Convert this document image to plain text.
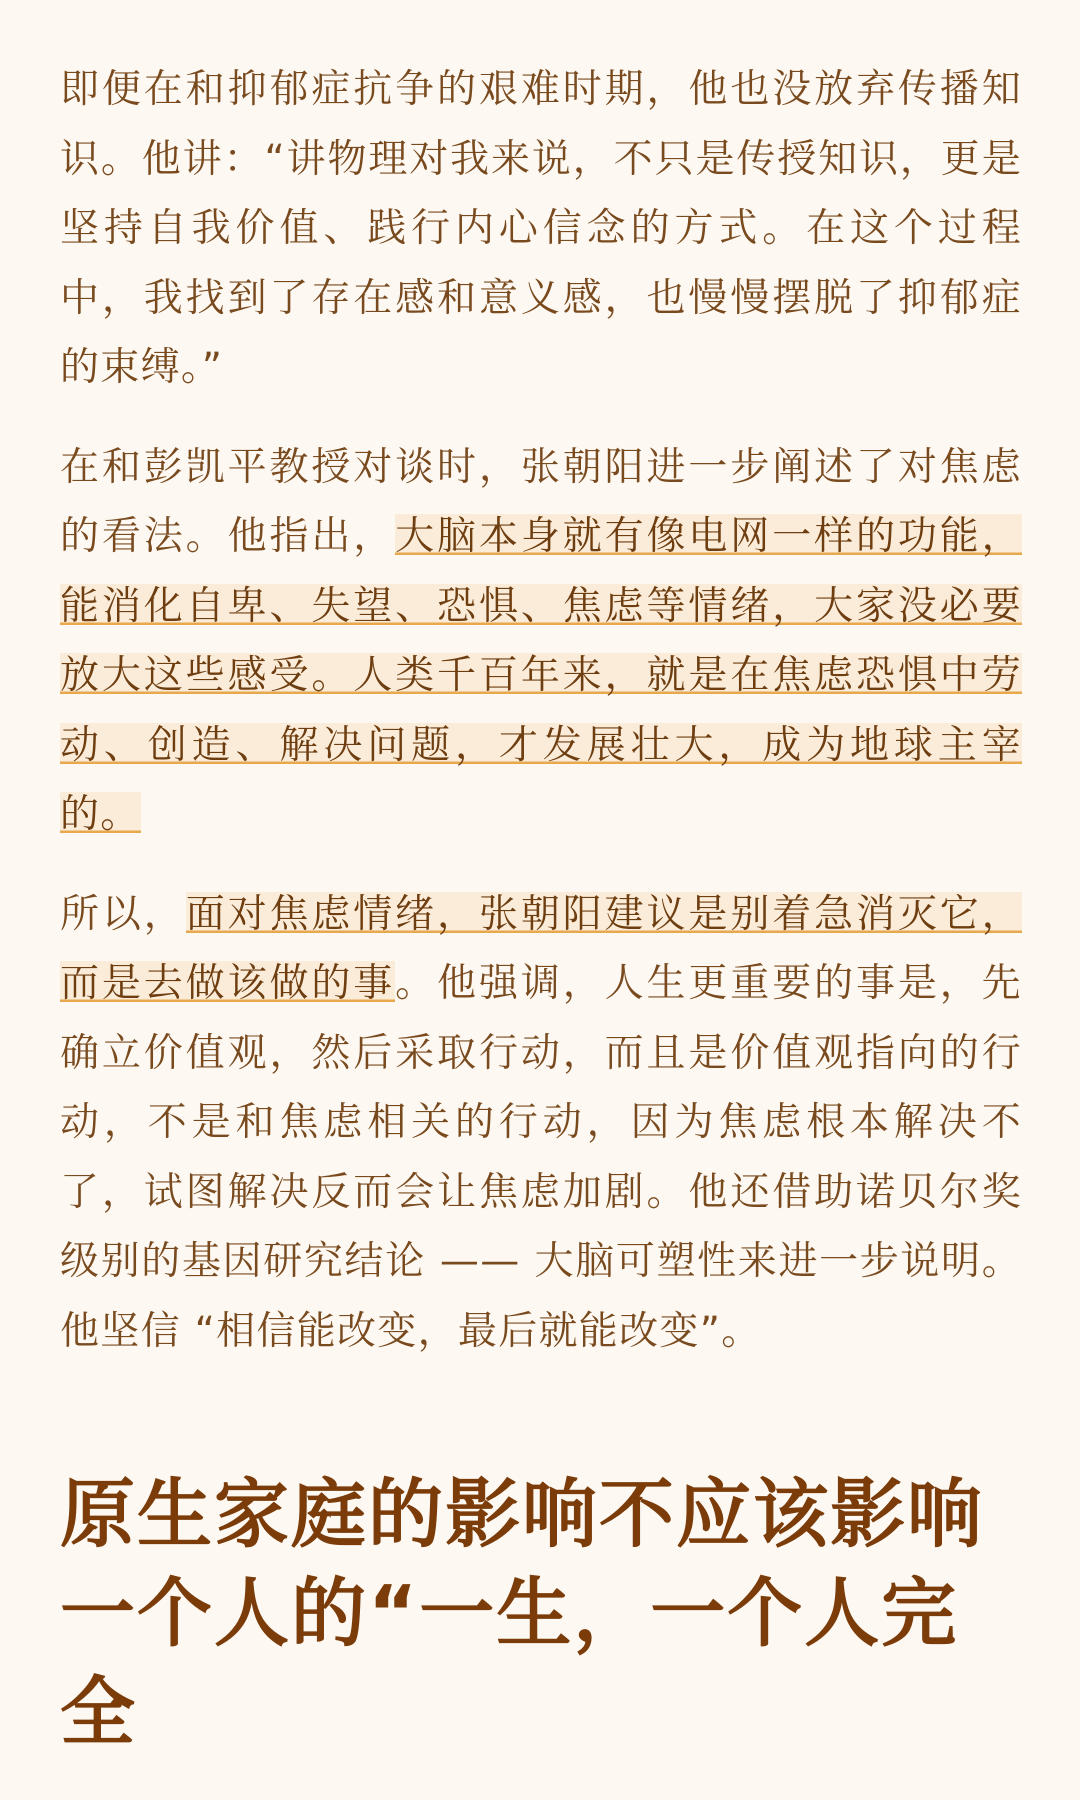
即便在和抑郁症抗争的艰难时期，他也没放弃传播知识。他讲：“讲物理对我来说，不只是传授知识，更是坚持自我价值、践行内心信念的方式。在这个过程中，我找到了存在感和意义感，也慢慢摆脱了抑郁症的束缚。”

在和彭凯平教授对谈时，张朝阳进一步阐述了对焦虑的看法。他指出，大脑本身就有像电网一样的功能，能消化自卑、失望、恐惧、焦虑等情绪，大家没必要放大这些感受。人类千百年来，就是在焦虑恐惧中劳动、创造、解决问题，才发展壮大，成为地球主宰的。

所以，面对焦虑情绪，张朝阳建议是别着急消灭它，而是去做该做的事。他强调，人生更重要的事是，先确立价值观，然后采取行动，而且是价值观指向的行动，不是和焦虑相关的行动，因为焦虑根本解决不了，试图解决反而会让焦虑加剧。他还借助诺贝尔奖级别的基因研究结论 —— 大脑可塑性来进一步说明。他坚信 “相信能改变，最后就能改变”。

原生家庭的影响不应该影响一个人的“一生，一个人完全
